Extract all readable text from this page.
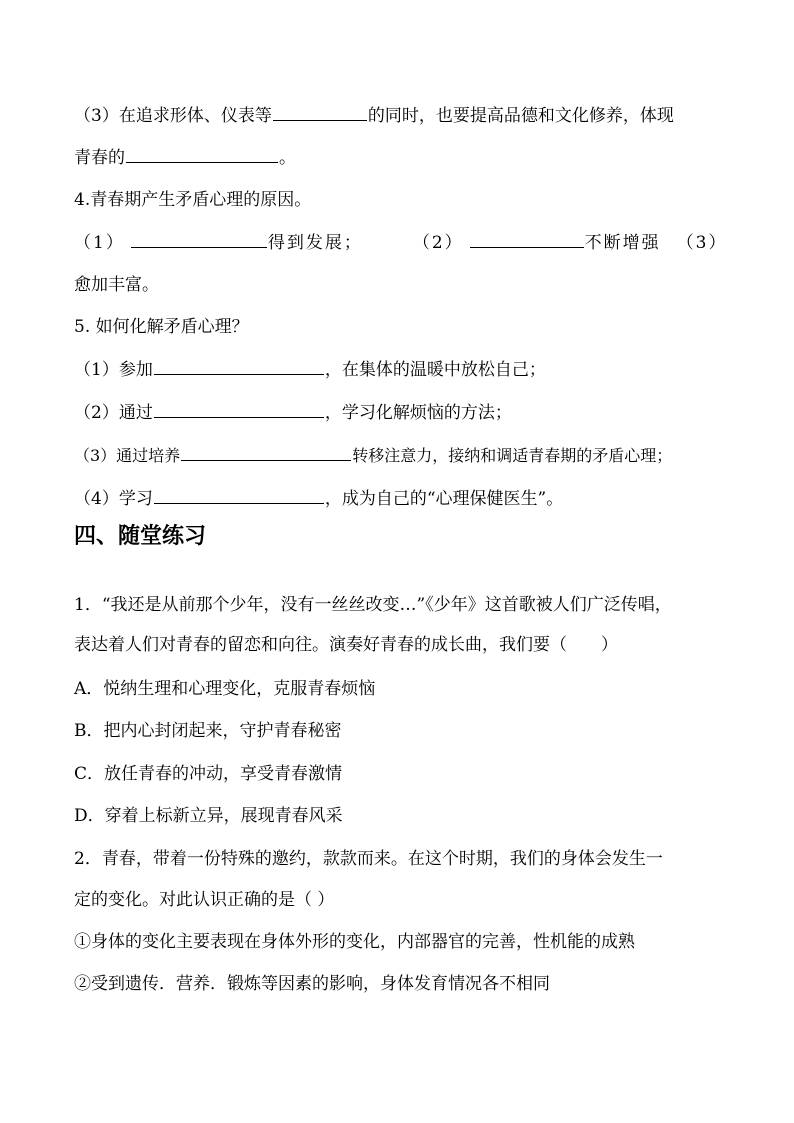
（3）在追求形体、仪表等	的同时，也要提高品德和文化修养，体现
青春的	。
4.青春期产生矛盾心理的原因。
（1）	得到发展；	（2）	不断增强 （3）
愈加丰富。
5. 如何化解矛盾心理？
（1）参加	，在集体的温暖中放松自己；
（2）通过	，学习化解烦恼的方法；
（3）通过培养	转移注意力，接纳和调适青春期的矛盾心理；
（4）学习	，成为自己的“心理保健医生”。
四、随堂练习
1．“我还是从前那个少年，没有一丝丝改变…”《少年》这首歌被人们广泛传唱，
表达着人们对青春的留恋和向往。演奏好青春的成长曲，我们要（　　）
A．悦纳生理和心理变化，克服青春烦恼
B．把内心封闭起来，守护青春秘密
C．放任青春的冲动，享受青春激情
D．穿着上标新立异，展现青春风采
2．青春，带着一份特殊的邀约，款款而来。在这个时期，我们的身体会发生一
定的变化。对此认识正确的是（ ）
①身体的变化主要表现在身体外形的变化，内部器官的完善，性机能的成熟
②受到遗传．营养．锻炼等因素的影响，身体发育情况各不相同
